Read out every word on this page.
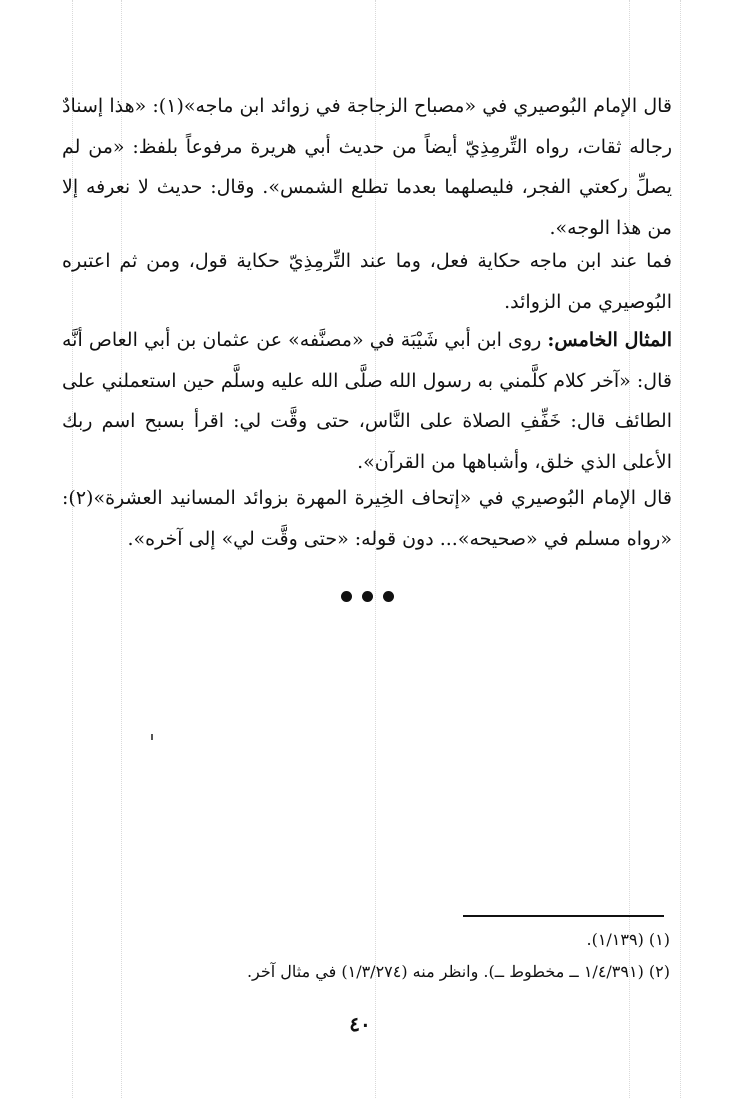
قال الإمام البُوصيري في «مصباح الزجاجة في زوائد ابن ماجه»(١): «هذا إسنادٌ رجاله ثقات، رواه التِّرمِذِيّ أيضاً من حديث أبي هريرة مرفوعاً بلفظ: «من لم يصلِّ ركعتي الفجر، فليصلهما بعدما تطلع الشمس». وقال: حديث لا نعرفه إلا من هذا الوجه».

فما عند ابن ماجه حكاية فعل، وما عند التِّرمِذِيّ حكاية قول، ومن ثم اعتبره البُوصيري من الزوائد.

المثال الخامس: روى ابن أبي شَيْبَة في «مصنَّفه» عن عثمان بن أبي العاص أنَّه قال: «آخر كلام كلَّمني به رسول الله صلَّى الله عليه وسلَّم حين استعملني على الطائف قال: خَفِّفِ الصلاة على النَّاس، حتى وقَّت لي: اقرأ بسبح اسم ربك الأعلى الذي خلق، وأشباهها من القرآن».

قال الإمام البُوصيري في «إتحاف الخِيرة المهرة بزوائد المسانيد العشرة»(٢): «رواه مسلم في «صحيحه»... دون قوله: «حتى وقَّت لي» إلى آخره».

(١) (١/١٣٩).
(٢) (١/٤/٣٩١ ــ مخطوط ــ). وانظر منه (١/٣/٢٧٤) في مثال آخر.
٤٠
